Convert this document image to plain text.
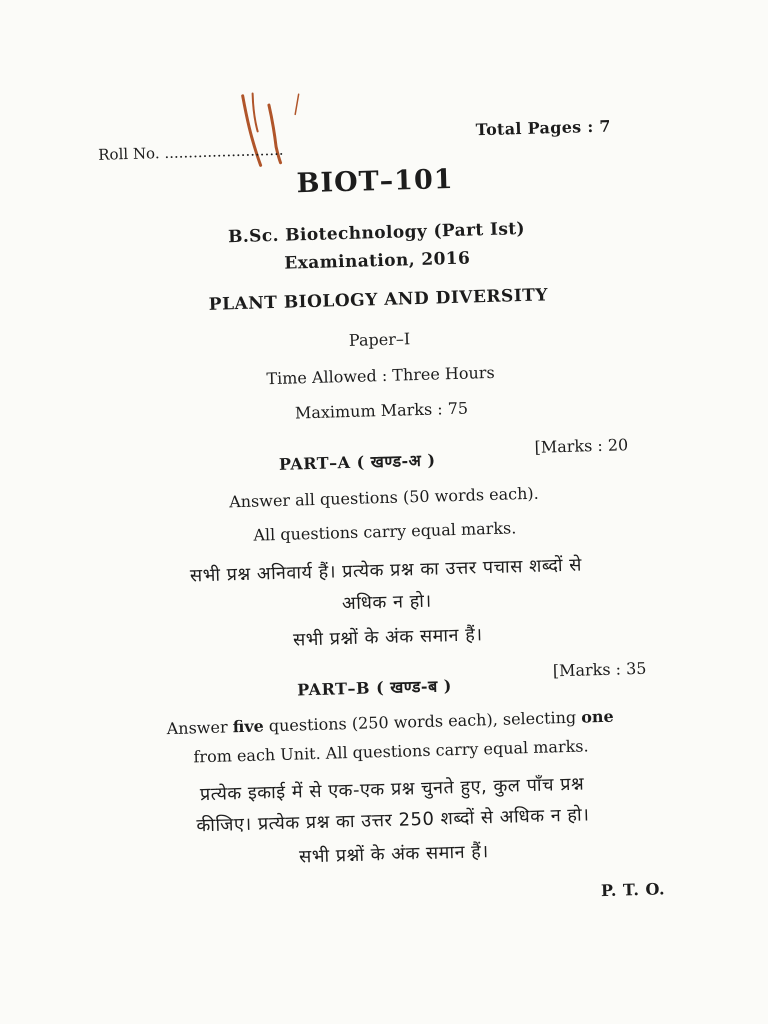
Roll No. .........................
Total Pages : 7
BIOT–101
B.Sc. Biotechnology (Part Ist)
Examinatіon, 2016
PLANT BIOLOGY AND DIVERSITY
Paper–I
Time Allowed : Three Hours
Maximum Marks : 75
PART–A ( खण्ड-अ )
[Marks : 20
Answer all questions (50 words each).
All questions carry equal marks.
सभी प्रश्न अनिवार्य हैं। प्रत्येक प्रश्न का उत्तर पचास शब्दों से
अधिक न हो।
सभी प्रश्नों के अंक समान हैं।
PART–B ( खण्ड-ब )
[Marks : 35
Answer five questions (250 words each), selecting one
from each Unit. All questions carry equal marks.
प्रत्येक इकाई में से एक-एक प्रश्न चुनते हुए, कुल पाँच प्रश्न
कीजिए। प्रत्येक प्रश्न का उत्तर 250 शब्दों से अधिक न हो।
सभी प्रश्नों के अंक समान हैं।
P. T. O.
